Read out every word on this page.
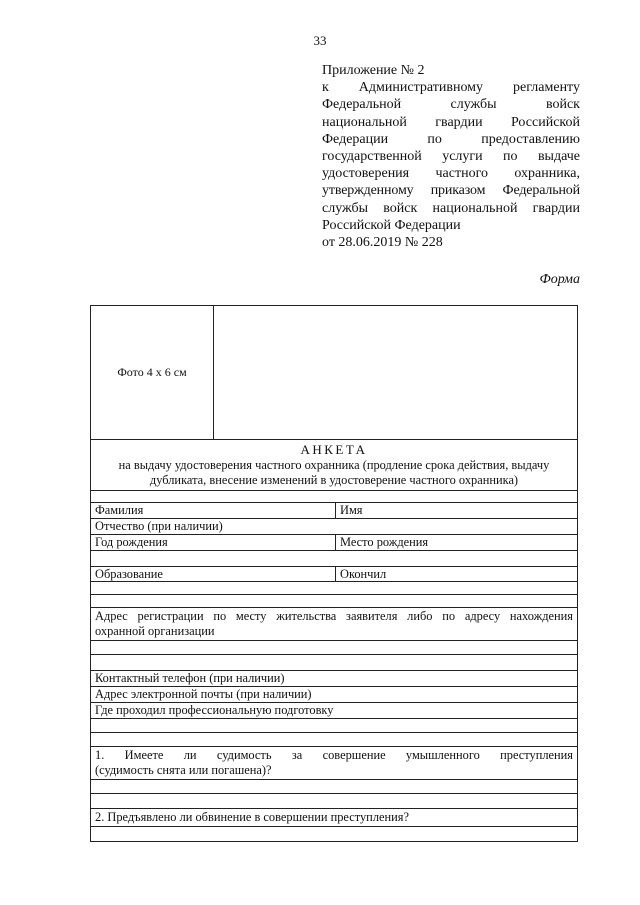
33
Приложение № 2
к Административному регламенту
Федеральной службы войск
национальной гвардии Российской
Федерации по предоставлению
государственной услуги по выдаче
удостоверения частного охранника,
утвержденному приказом Федеральной
службы войск национальной гвардии
Российской Федерации
от 28.06.2019 № 228
Форма
Фото 4 х 6 см
АНКЕТА
на выдачу удостоверения частного охранника (продление срока действия, выдачу дубликата, внесение изменений в удостоверение частного охранника)
Фамилия	Имя
Отчество (при наличии)
Год рождения	Место рождения
Образование	Окончил
Адрес регистрации по месту жительства заявителя либо по адресу нахождения
охранной организации
Контактный телефон (при наличии)
Адрес электронной почты (при наличии)
Где проходил профессиональную подготовку
1. Имеете ли судимость за совершение умышленного преступления
(судимость снята или погашена)?
2. Предъявлено ли обвинение в совершении преступления?
